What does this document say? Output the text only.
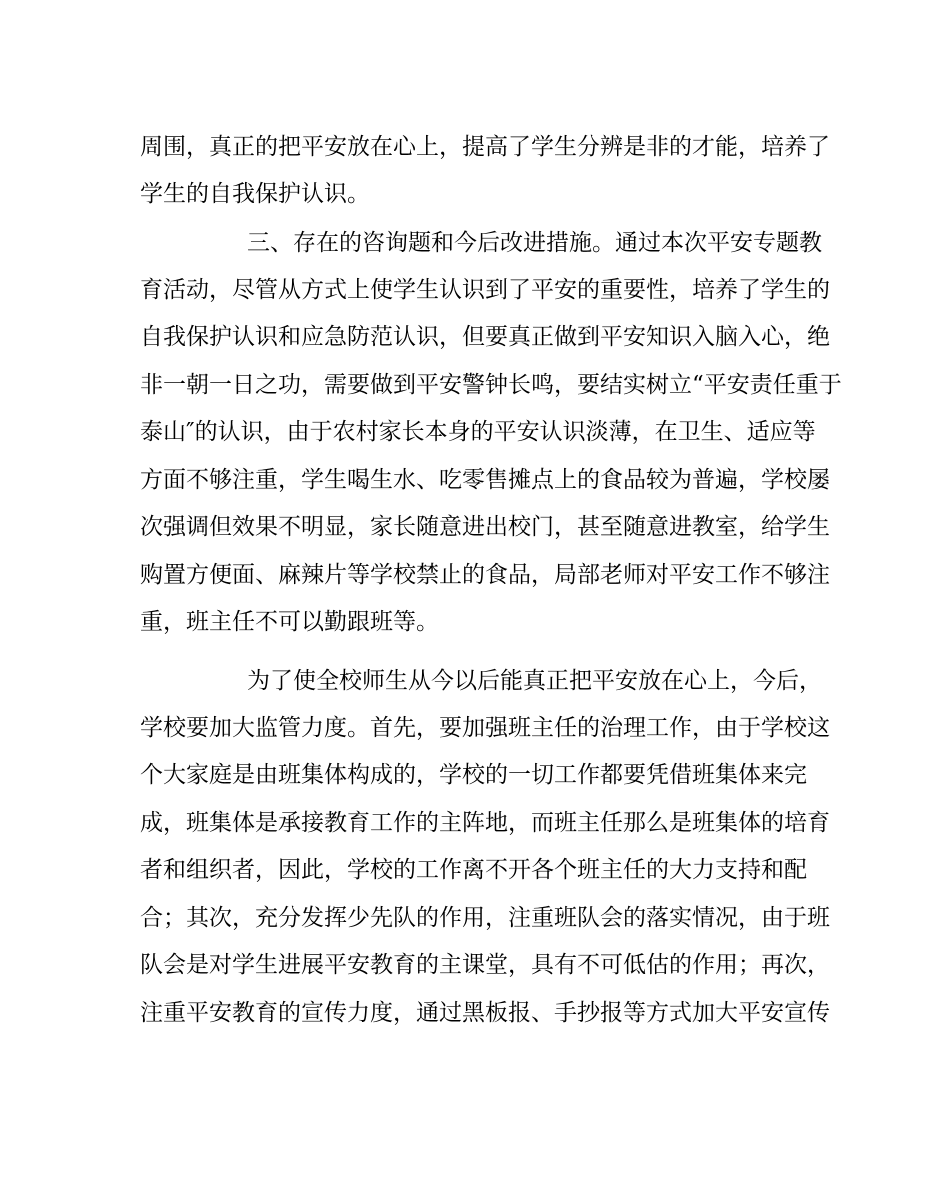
周围，真正的把平安放在心上，提高了学生分辨是非的才能，培养了
学生的自我保护认识。
三、存在的咨询题和今后改进措施。通过本次平安专题教
育活动，尽管从方式上使学生认识到了平安的重要性，培养了学生的
自我保护认识和应急防范认识，但要真正做到平安知识入脑入心，绝
非一朝一日之功，需要做到平安警钟长鸣，要结实树立“平安责任重于
泰山″的认识，由于农村家长本身的平安认识淡薄，在卫生、适应等
方面不够注重，学生喝生水、吃零售摊点上的食品较为普遍，学校屡
次强调但效果不明显，家长随意进出校门，甚至随意进教室，给学生
购置方便面、麻辣片等学校禁止的食品，局部老师对平安工作不够注
重，班主任不可以勤跟班等。
为了使全校师生从今以后能真正把平安放在心上，今后，
学校要加大监管力度。首先，要加强班主任的治理工作，由于学校这
个大家庭是由班集体构成的，学校的一切工作都要凭借班集体来完
成，班集体是承接教育工作的主阵地，而班主任那么是班集体的培育
者和组织者，因此，学校的工作离不开各个班主任的大力支持和配
合；其次，充分发挥少先队的作用，注重班队会的落实情况，由于班
队会是对学生进展平安教育的主课堂，具有不可低估的作用；再次，
注重平安教育的宣传力度，通过黑板报、手抄报等方式加大平安宣传
